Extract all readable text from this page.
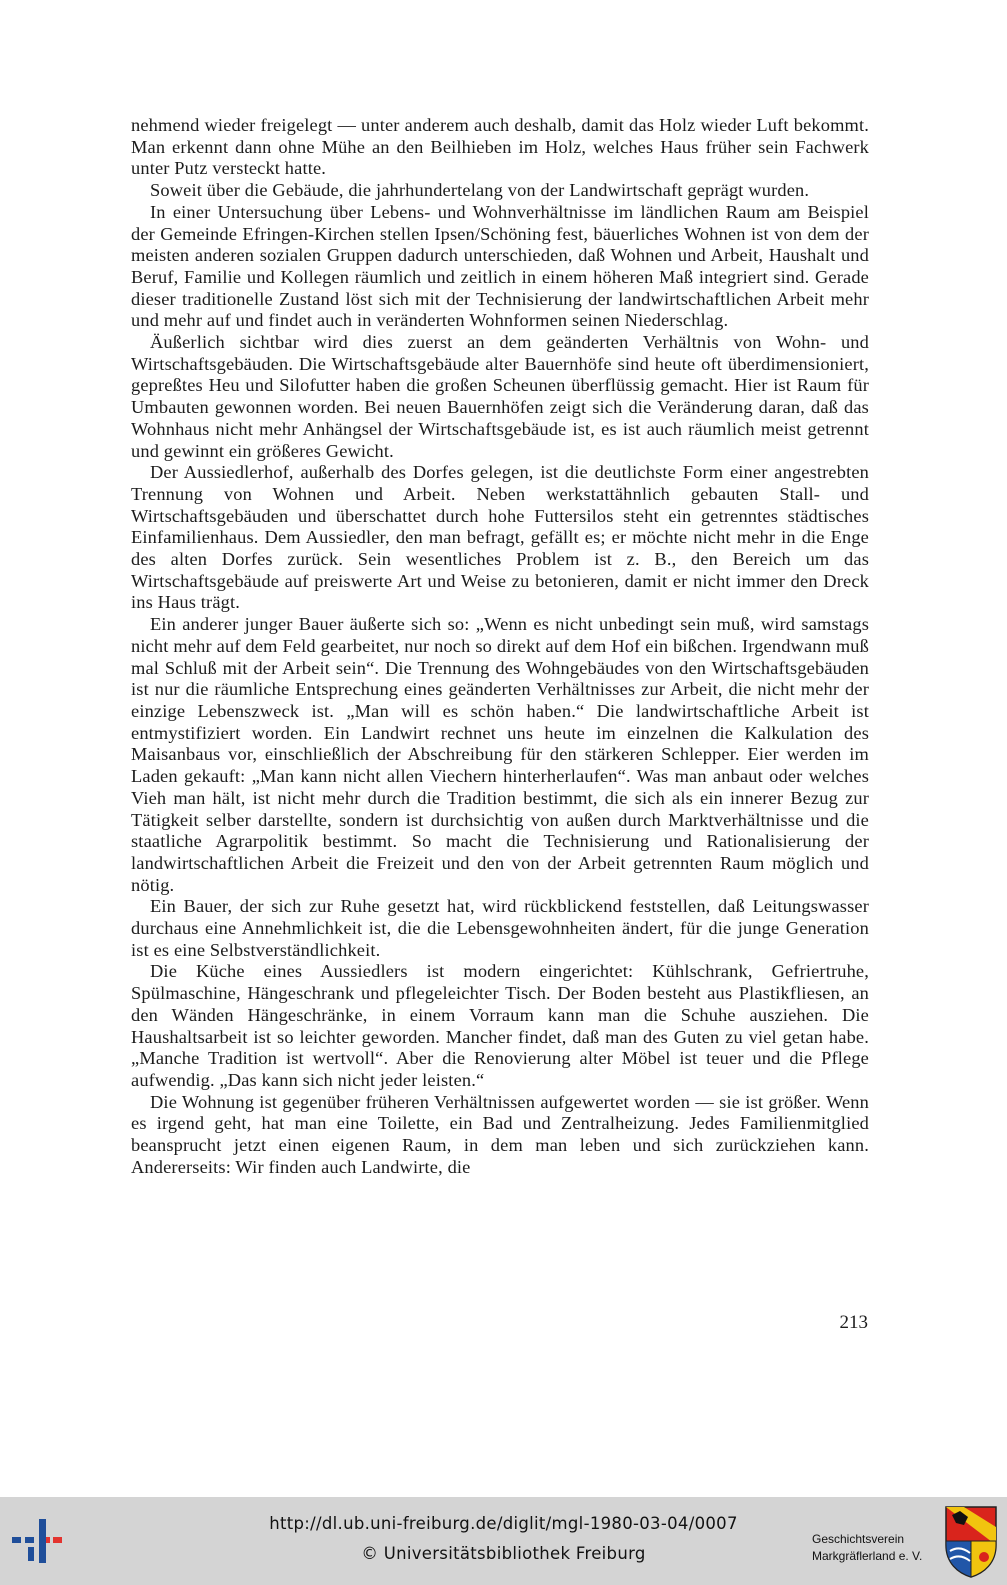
nehmend wieder freigelegt — unter anderem auch deshalb, damit das Holz wieder Luft bekommt. Man erkennt dann ohne Mühe an den Beilhieben im Holz, welches Haus früher sein Fachwerk unter Putz versteckt hatte.

Soweit über die Gebäude, die jahrhundertelang von der Landwirtschaft geprägt wurden.

In einer Untersuchung über Lebens- und Wohnverhältnisse im ländlichen Raum am Beispiel der Gemeinde Efringen-Kirchen stellen Ipsen/Schöning fest, bäuerliches Wohnen ist von dem der meisten anderen sozialen Gruppen dadurch unterschieden, daß Wohnen und Arbeit, Haushalt und Beruf, Familie und Kollegen räumlich und zeitlich in einem höheren Maß integriert sind. Gerade dieser traditionelle Zustand löst sich mit der Technisierung der landwirtschaftlichen Arbeit mehr und mehr auf und findet auch in veränderten Wohnformen seinen Niederschlag.

Äußerlich sichtbar wird dies zuerst an dem geänderten Verhältnis von Wohn- und Wirtschaftsgebäuden. Die Wirtschaftsgebäude alter Bauernhöfe sind heute oft überdimensioniert, gepreßtes Heu und Silofutter haben die großen Scheunen überflüssig gemacht. Hier ist Raum für Umbauten gewonnen worden. Bei neuen Bauernhöfen zeigt sich die Veränderung daran, daß das Wohnhaus nicht mehr Anhängsel der Wirtschaftsgebäude ist, es ist auch räumlich meist getrennt und gewinnt ein größeres Gewicht.

Der Aussiedlerhof, außerhalb des Dorfes gelegen, ist die deutlichste Form einer angestrebten Trennung von Wohnen und Arbeit. Neben werkstattähnlich gebauten Stall- und Wirtschaftsgebäuden und überschattet durch hohe Futtersilos steht ein getrenntes städtisches Einfamilienhaus. Dem Aussiedler, den man befragt, gefällt es; er möchte nicht mehr in die Enge des alten Dorfes zurück. Sein wesentliches Problem ist z. B., den Bereich um das Wirtschaftsgebäude auf preiswerte Art und Weise zu betonieren, damit er nicht immer den Dreck ins Haus trägt.

Ein anderer junger Bauer äußerte sich so: „Wenn es nicht unbedingt sein muß, wird samstags nicht mehr auf dem Feld gearbeitet, nur noch so direkt auf dem Hof ein bißchen. Irgendwann muß mal Schluß mit der Arbeit sein“. Die Trennung des Wohngebäudes von den Wirtschaftsgebäuden ist nur die räumliche Entsprechung eines geänderten Verhältnisses zur Arbeit, die nicht mehr der einzige Lebenszweck ist. „Man will es schön haben.“ Die landwirtschaftliche Arbeit ist entmystifiziert worden. Ein Landwirt rechnet uns heute im einzelnen die Kalkulation des Maisanbaus vor, einschließlich der Abschreibung für den stärkeren Schlepper. Eier werden im Laden gekauft: „Man kann nicht allen Viechern hinterherlaufen“. Was man anbaut oder welches Vieh man hält, ist nicht mehr durch die Tradition bestimmt, die sich als ein innerer Bezug zur Tätigkeit selber darstellte, sondern ist durchsichtig von außen durch Marktverhältnisse und die staatliche Agrarpolitik bestimmt. So macht die Technisierung und Rationalisierung der landwirtschaftlichen Arbeit die Freizeit und den von der Arbeit getrennten Raum möglich und nötig.

Ein Bauer, der sich zur Ruhe gesetzt hat, wird rückblickend feststellen, daß Leitungswasser durchaus eine Annehmlichkeit ist, die die Lebensgewohnheiten ändert, für die junge Generation ist es eine Selbstverständlichkeit.

Die Küche eines Aussiedlers ist modern eingerichtet: Kühlschrank, Gefriertruhe, Spülmaschine, Hängeschrank und pflegeleichter Tisch. Der Boden besteht aus Plastikfliesen, an den Wänden Hängeschränke, in einem Vorraum kann man die Schuhe ausziehen. Die Haushaltsarbeit ist so leichter geworden. Mancher findet, daß man des Guten zu viel getan habe. „Manche Tradition ist wertvoll“. Aber die Renovierung alter Möbel ist teuer und die Pflege aufwendig. „Das kann sich nicht jeder leisten.“

Die Wohnung ist gegenüber früheren Verhältnissen aufgewertet worden — sie ist größer. Wenn es irgend geht, hat man eine Toilette, ein Bad und Zentralheizung. Jedes Familienmitglied beansprucht jetzt einen eigenen Raum, in dem man leben und sich zurückziehen kann. Andererseits: Wir finden auch Landwirte, die

213
http://dl.ub.uni-freiburg.de/diglit/mgl-1980-03-04/0007
© Universitätsbibliothek Freiburg
Geschichtsverein
Markgräflerland e. V.
